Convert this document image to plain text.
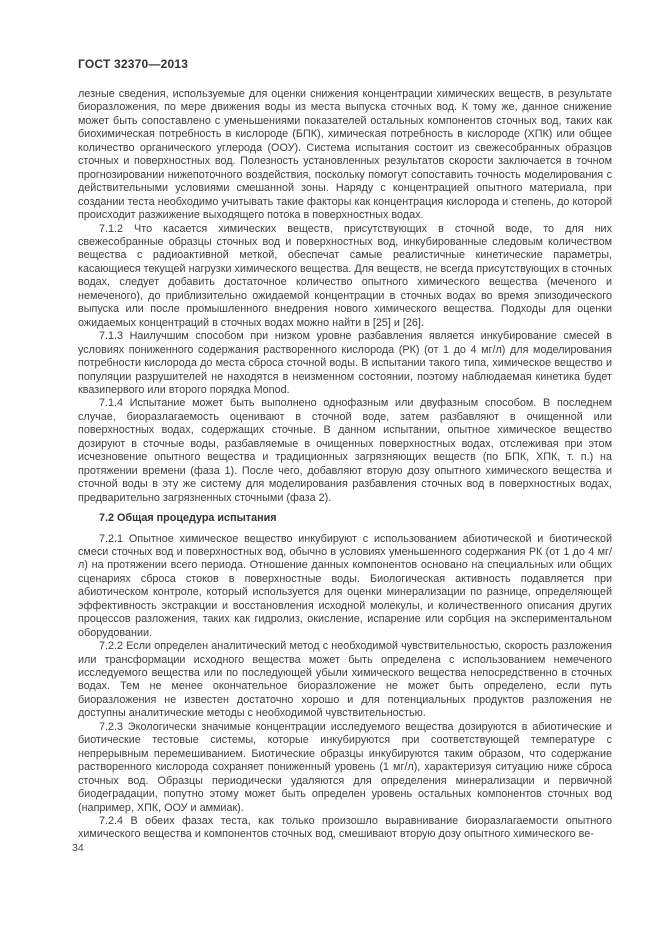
ГОСТ 32370—2013

лезные сведения, используемые для оценки снижения концентрации химических веществ, в результате биоразложения, по мере движения воды из места выпуска сточных вод. К тому же, данное снижение может быть сопоставлено с уменьшениями показателей остальных компонентов сточных вод, таких как биохимическая потребность в кислороде (БПК), химическая потребность в кислороде (ХПК) или общее количество органического углерода (ООУ). Система испытания состоит из свежесобранных образцов сточных и поверхностных вод. Полезность установленных результатов скорости заключается в точном прогнозировании нижепоточного воздействия, поскольку помогут сопоставить точность моделирования с действительными условиями смешанной зоны. Наряду с концентрацией опытного материала, при создании теста необходимо учитывать такие факторы как концентрация кислорода и степень, до которой происходит разжижение выходящего потока в поверхностных водах.

7.1.2 Что касается химических веществ, присутствующих в сточной воде, то для них свежесобранные образцы сточных вод и поверхностных вод, инкубированные следовым количеством вещества с радиоактивной меткой, обеспечат самые реалистичные кинетические параметры, касающиеся текущей нагрузки химического вещества. Для веществ, не всегда присутствующих в сточных водах, следует добавить достаточное количество опытного химического вещества (меченого и немеченого), до приблизительно ожидаемой концентрации в сточных водах во время эпизодического выпуска или после промышленного внедрения нового химического вещества. Подходы для оценки ожидаемых концентраций в сточных водах можно найти в [25] и [26].

7.1.3 Наилучшим способом при низком уровне разбавления является инкубирование смесей в условиях пониженного содержания растворенного кислорода (РК) (от 1 до 4 мг/л) для моделирования потребности кислорода до места сброса сточной воды. В испытании такого типа, химическое вещество и популяции разрушителей не находятся в неизменном состоянии, поэтому наблюдаемая кинетика будет квазипервого или второго порядка Monod.

7.1.4 Испытание может быть выполнено однофазным или двуфазным способом. В последнем случае, биоразлагаемость оценивают в сточной воде, затем разбавляют в очищенной или поверхностных водах, содержащих сточные. В данном испытании, опытное химическое вещество дозируют в сточные воды, разбавляемые в очищенных поверхностных водах, отслеживая при этом исчезновение опытного вещества и традиционных загрязняющих веществ (по БПК, ХПК, т. п.) на протяжении времени (фаза 1). После чего, добавляют вторую дозу опытного химического вещества и сточной воды в эту же систему для моделирования разбавления сточных вод в поверхностных водах, предварительно загрязненных сточными (фаза 2).

7.2 Общая процедура испытания

7.2.1 Опытное химическое вещество инкубируют с использованием абиотической и биотической смеси сточных вод и поверхностных вод, обычно в условиях уменьшенного содержания РК (от 1 до 4 мг/л) на протяжении всего периода. Отношение данных компонентов основано на специальных или общих сценариях сброса стоков в поверхностные воды. Биологическая активность подавляется при абиотическом контроле, который используется для оценки минерализации по разнице, определяющей эффективность экстракции и восстановления исходной молекулы, и количественного описания других процессов разложения, таких как гидролиз, окисление, испарение или сорбция на экспериментальном оборудовании.

7.2.2 Если определен аналитический метод с необходимой чувствительностью, скорость разложения или трансформации исходного вещества может быть определена с использованием немеченого исследуемого вещества или по последующей убыли химического вещества непосредственно в сточных водах. Тем не менее окончательное биоразложение не может быть определено, если путь биоразложения не известен достаточно хорошо и для потенциальных продуктов разложения не доступны аналитические методы с необходимой чувствительностью.

7.2.3 Экологически значимые концентрации исследуемого вещества дозируются в абиотические и биотические тестовые системы, которые инкубируются при соответствующей температуре с непрерывным перемешиванием. Биотические образцы инкубируются таким образом, что содержание растворенного кислорода сохраняет пониженный уровень (1 мг/л), характеризуя ситуацию ниже сброса сточных вод. Образцы периодически удаляются для определения минерализации и первичной биодеградации, попутно этому может быть определен уровень остальных компонентов сточных вод (например, ХПК, ООУ и аммиак).

7.2.4 В обеих фазах теста, как только произошло выравнивание биоразлагаемости опытного химического вещества и компонентов сточных вод, смешивают вторую дозу опытного химического ве-

34
